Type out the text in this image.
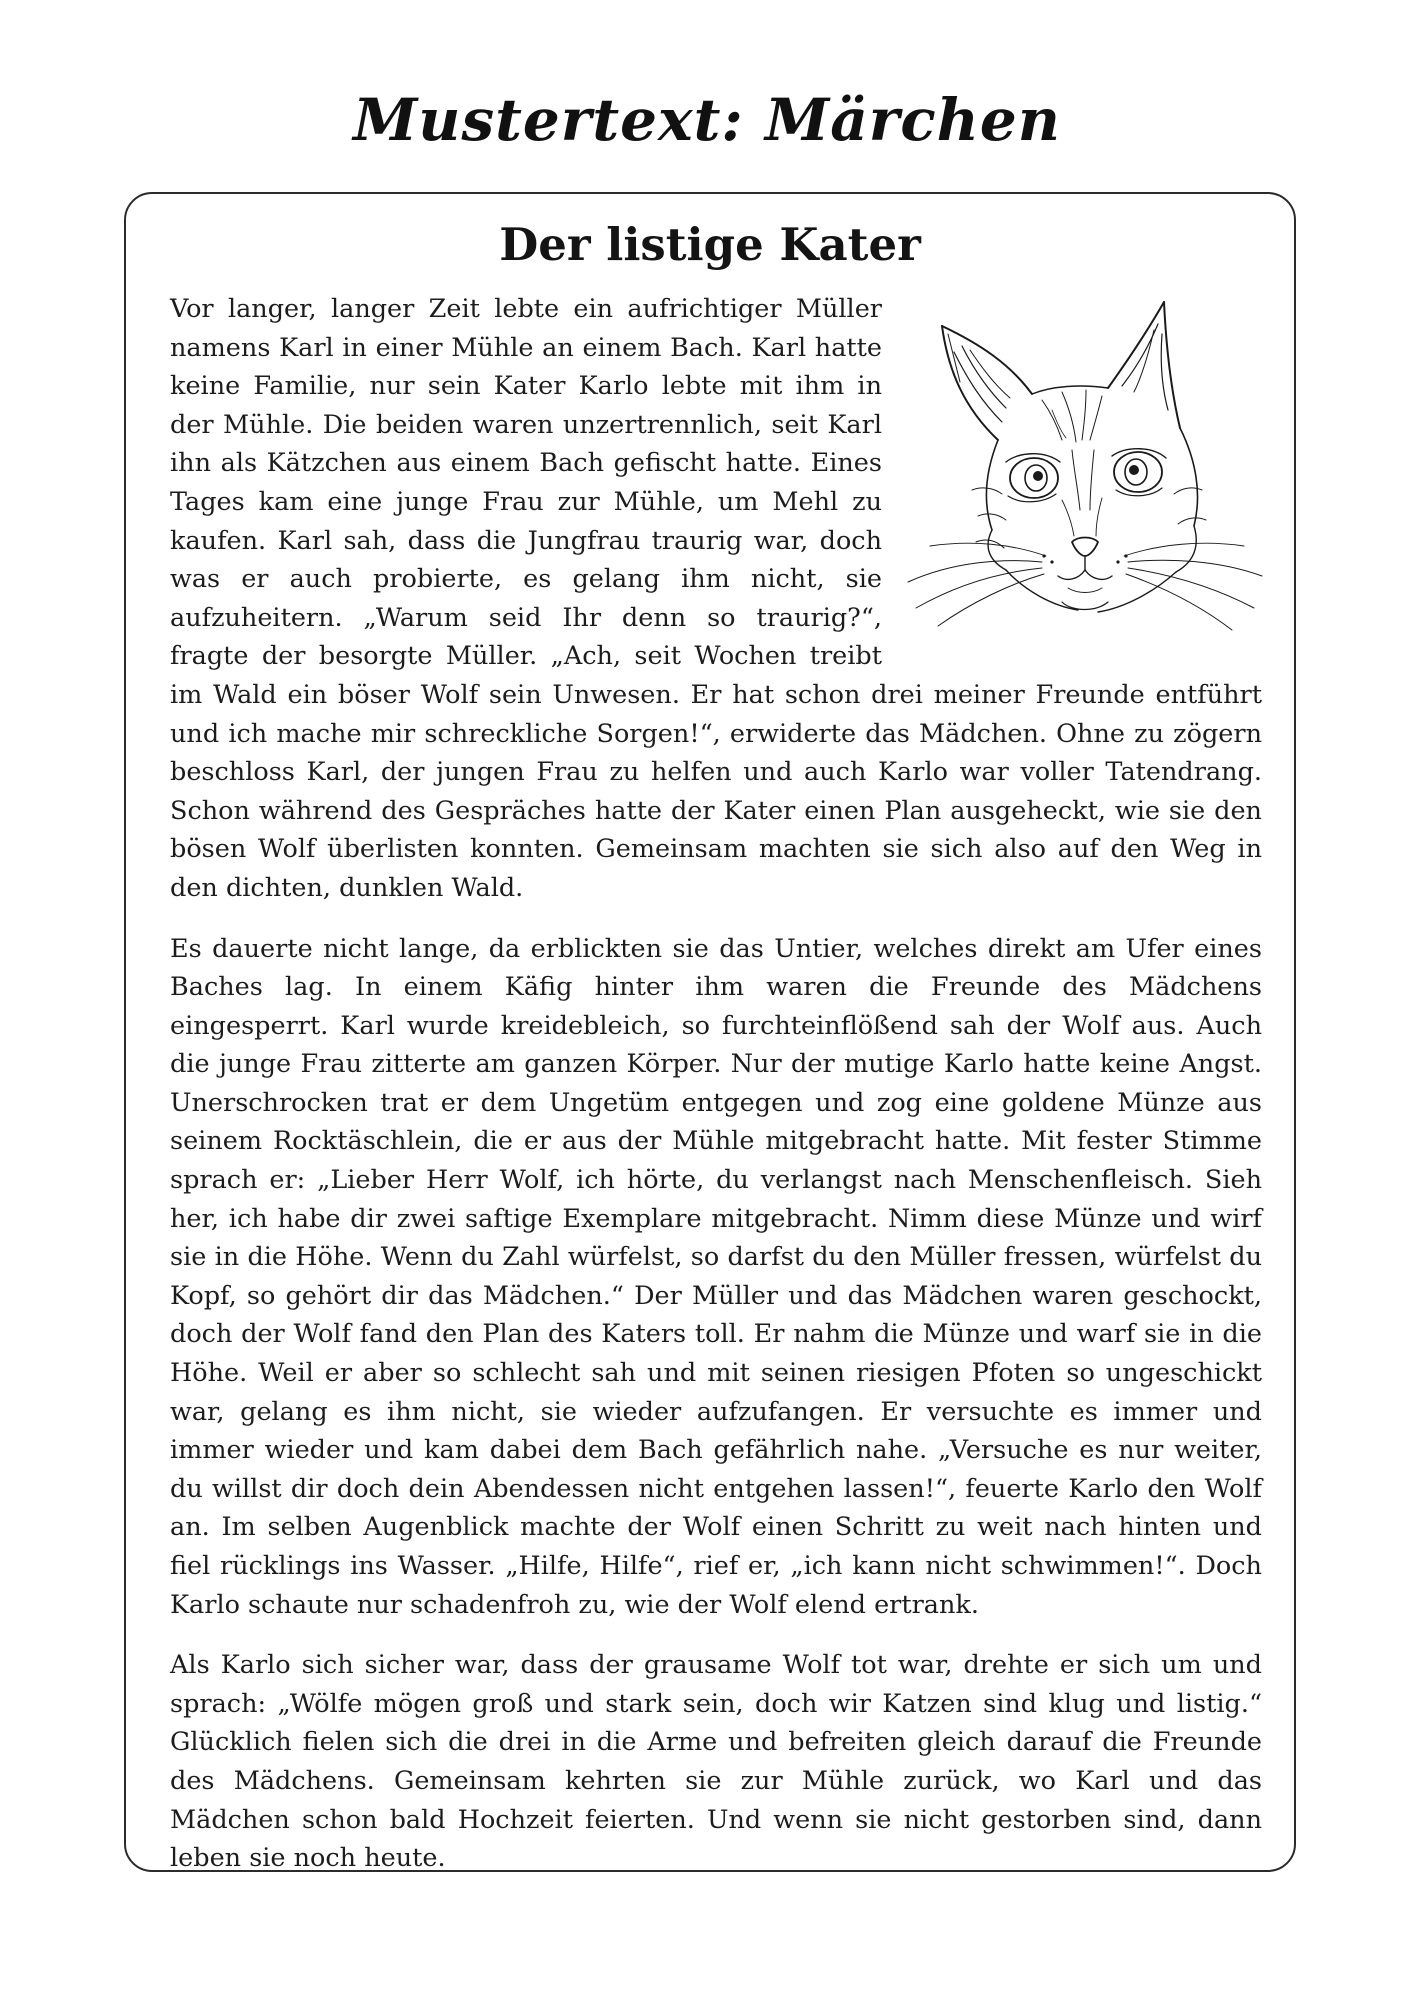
Mustertext: Märchen
Der listige Kater

Vor langer, langer Zeit lebte ein aufrichtiger Müller namens Karl in einer Mühle an einem Bach. Karl hatte keine Familie, nur sein Kater Karlo lebte mit ihm in der Mühle. Die beiden waren unzertrennlich, seit Karl ihn als Kätzchen aus einem Bach gefischt hatte. Eines Tages kam eine junge Frau zur Mühle, um Mehl zu kaufen. Karl sah, dass die Jungfrau traurig war, doch was er auch probierte, es gelang ihm nicht, sie aufzuheitern. „Warum seid Ihr denn so traurig?“, fragte der besorgte Müller. „Ach, seit Wochen treibt im Wald ein böser Wolf sein Unwesen. Er hat schon drei meiner Freunde entführt und ich mache mir schreckliche Sorgen!“, erwiderte das Mädchen. Ohne zu zögern beschloss Karl, der jungen Frau zu helfen und auch Karlo war voller Tatendrang. Schon während des Gespräches hatte der Kater einen Plan ausgeheckt, wie sie den bösen Wolf überlisten konnten. Gemeinsam machten sie sich also auf den Weg in den dichten, dunklen Wald.

Es dauerte nicht lange, da erblickten sie das Untier, welches direkt am Ufer eines Baches lag. In einem Käfig hinter ihm waren die Freunde des Mädchens eingesperrt. Karl wurde kreidebleich, so furchteinflößend sah der Wolf aus. Auch die junge Frau zitterte am ganzen Körper. Nur der mutige Karlo hatte keine Angst. Unerschrocken trat er dem Ungetüm entgegen und zog eine goldene Münze aus seinem Rocktäschlein, die er aus der Mühle mitgebracht hatte. Mit fester Stimme sprach er: „Lieber Herr Wolf, ich hörte, du verlangst nach Menschenfleisch. Sieh her, ich habe dir zwei saftige Exemplare mitgebracht. Nimm diese Münze und wirf sie in die Höhe. Wenn du Zahl würfelst, so darfst du den Müller fressen, würfelst du Kopf, so gehört dir das Mädchen.“ Der Müller und das Mädchen waren geschockt, doch der Wolf fand den Plan des Katers toll. Er nahm die Münze und warf sie in die Höhe. Weil er aber so schlecht sah und mit seinen riesigen Pfoten so ungeschickt war, gelang es ihm nicht, sie wieder aufzufangen. Er versuchte es immer und immer wieder und kam dabei dem Bach gefährlich nahe. „Versuche es nur weiter, du willst dir doch dein Abendessen nicht entgehen lassen!“, feuerte Karlo den Wolf an. Im selben Augenblick machte der Wolf einen Schritt zu weit nach hinten und fiel rücklings ins Wasser. „Hilfe, Hilfe“, rief er, „ich kann nicht schwimmen!“. Doch Karlo schaute nur schadenfroh zu, wie der Wolf elend ertrank.

Als Karlo sich sicher war, dass der grausame Wolf tot war, drehte er sich um und sprach: „Wölfe mögen groß und stark sein, doch wir Katzen sind klug und listig.“ Glücklich fielen sich die drei in die Arme und befreiten gleich darauf die Freunde des Mädchens. Gemeinsam kehrten sie zur Mühle zurück, wo Karl und das Mädchen schon bald Hochzeit feierten. Und wenn sie nicht gestorben sind, dann leben sie noch heute.
